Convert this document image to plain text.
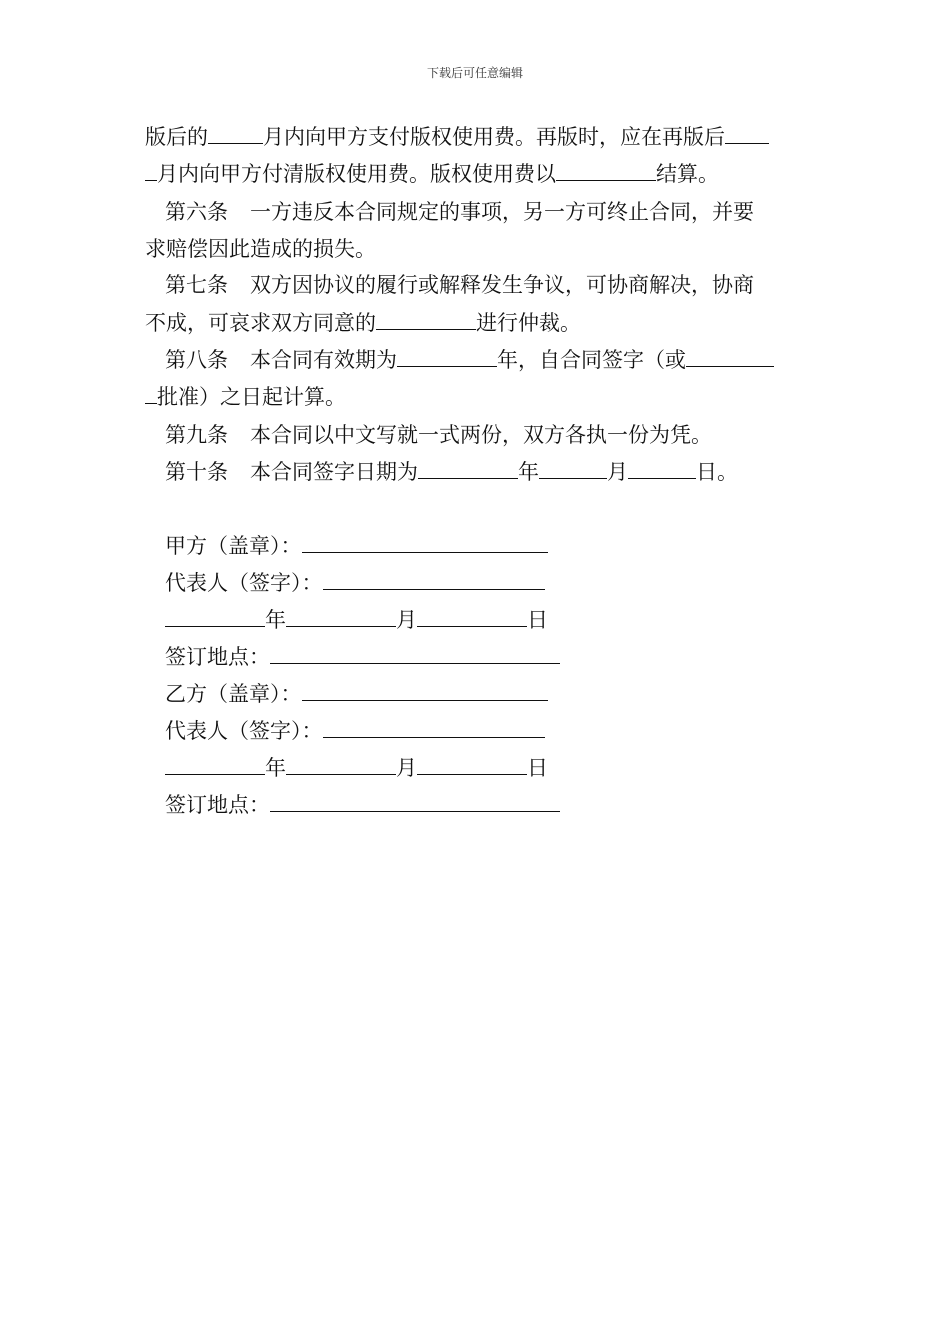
下载后可任意编辑
版后的	月内向甲方支付版权使用费。再版时，应在再版后
月内向甲方付清版权使用费。版权使用费以	结算。
第六条 一方违反本合同规定的事项，另一方可终止合同，并要
求赔偿因此造成的损失。
第七条 双方因协议的履行或解释发生争议，可协商解决，协商
不成，可哀求双方同意的	进行仲裁。
第八条 本合同有效期为	年，自合同签字（或
批准）之日起计算。
第九条 本合同以中文写就一式两份，双方各执一份为凭。
第十条 本合同签字日期为	年	月	日。
甲方（盖章）：
代表人（签字）：
年	月	日
签订地点：
乙方（盖章）：
代表人（签字）：
年	月	日
签订地点：
